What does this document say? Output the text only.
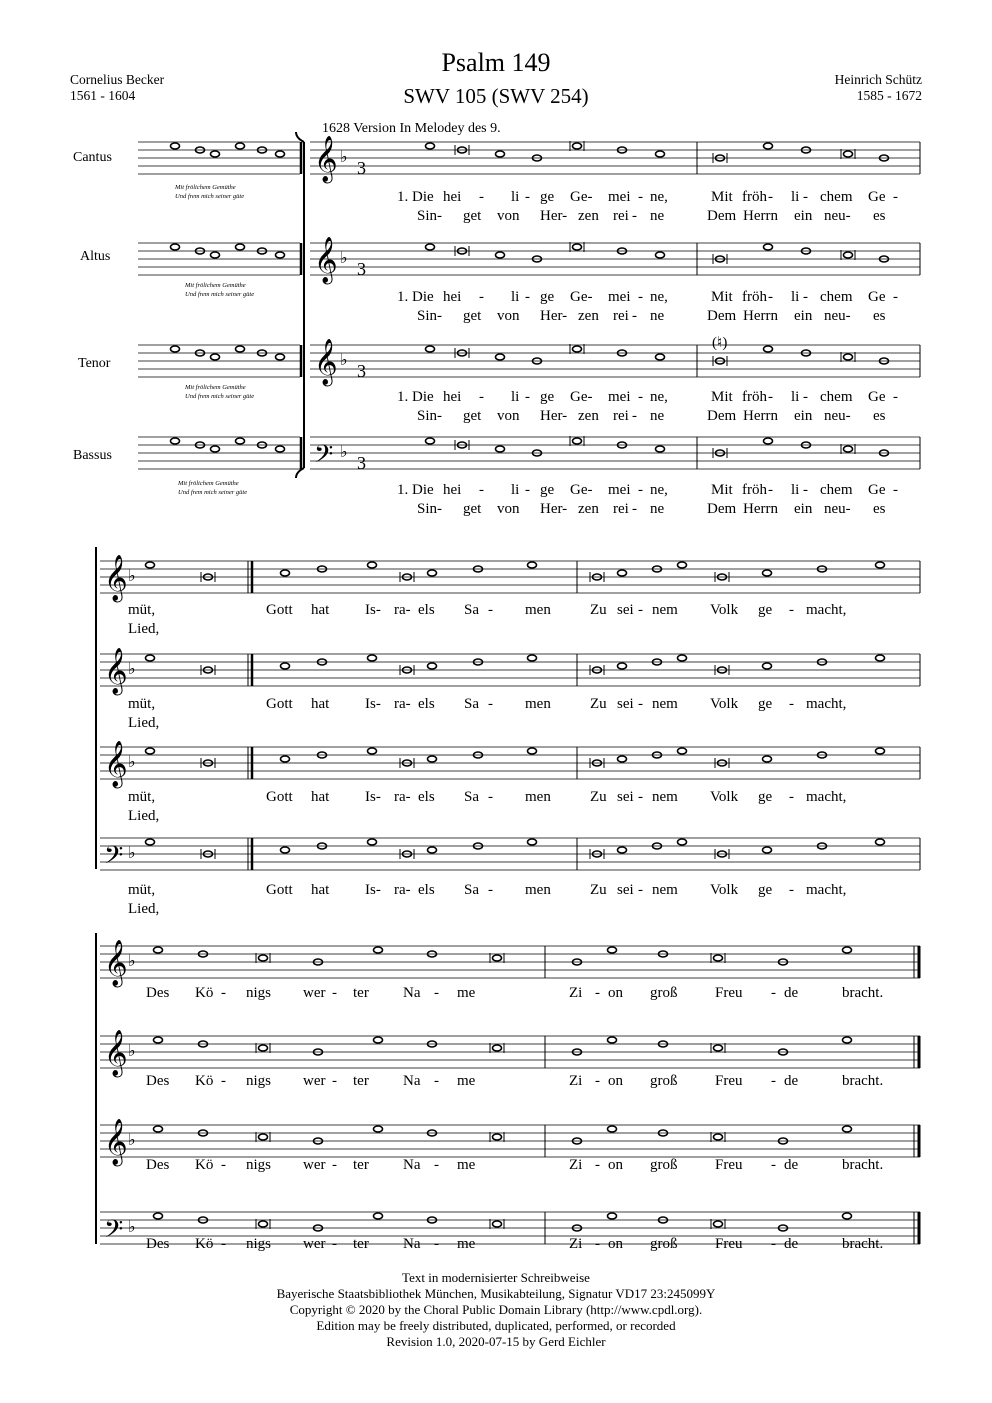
Psalm 149
SWV 105 (SWV 254)
Cornelius Becker
1561 - 1604
Heinrich Schütz
1585 - 1672
1628 Version In Melodey des 9.
Cantus
Altus
Tenor
Bassus
Mit frölichem Gemüthe
Und frem mich seiner güte
Mit frölichem Gemüthe
Und frem mich seiner güte
Mit frölichem Gemüthe
Und frem mich seiner güte
Mit frölichem Gemüthe
Und frem mich seiner güte
𝄞 ♭
3
𝄞 ♭
3
𝄞 ♭
3
𝄢 ♭
3
𝄞 ♭
𝄞 ♭
𝄞 ♭
𝄢 ♭
𝄞 ♭
𝄞 ♭
𝄞 ♭
𝄢 ♭
1. Die hei - li - ge Ge- mei - ne,	Mit fröh - li - chem Ge -
Sin- get von Her- zen rei - ne	Dem Herrn ein neu- es
1. Die hei - li - ge Ge- mei - ne,	Mit fröh - li - chem Ge -
Sin- get von Her- zen rei - ne	Dem Herrn ein neu- es
1. Die hei - li - ge Ge- mei - ne,	Mit fröh - li - chem Ge -
Sin- get von Her- zen rei - ne	Dem Herrn ein neu- es
1. Die hei - li - ge Ge- mei - ne,	Mit fröh - li - chem Ge -
Sin- get von Her- zen rei - ne	Dem Herrn ein neu- es
(♮)
müt,	Gott hat Is- ra- els Sa - men	Zu sei - nem Volk ge - macht,
Lied,
müt,	Gott hat Is- ra- els Sa - men	Zu sei - nem Volk ge - macht,
Lied,
müt,	Gott hat Is- ra- els Sa - men	Zu sei - nem Volk ge - macht,
Lied,
müt,	Gott hat Is- ra- els Sa - men	Zu sei - nem Volk ge - macht,
Lied,
Des Kö - nigs wer - ter Na - me	Zi - on groß	Freu - de	bracht.
Des Kö - nigs wer - ter Na - me	Zi - on groß	Freu - de	bracht.
Des Kö - nigs wer - ter Na - me	Zi - on groß	Freu - de	bracht.
Des Kö - nigs wer - ter Na - me	Zi - on groß	Freu - de	bracht.
Text in modernisierter Schreibweise
Bayerische Staatsbibliothek München, Musikabteilung, Signatur VD17 23:245099Y
Copyright © 2020 by the Choral Public Domain Library (http://www.cpdl.org).
Edition may be freely distributed, duplicated, performed, or recorded
Revision 1.0, 2020-07-15 by Gerd Eichler
